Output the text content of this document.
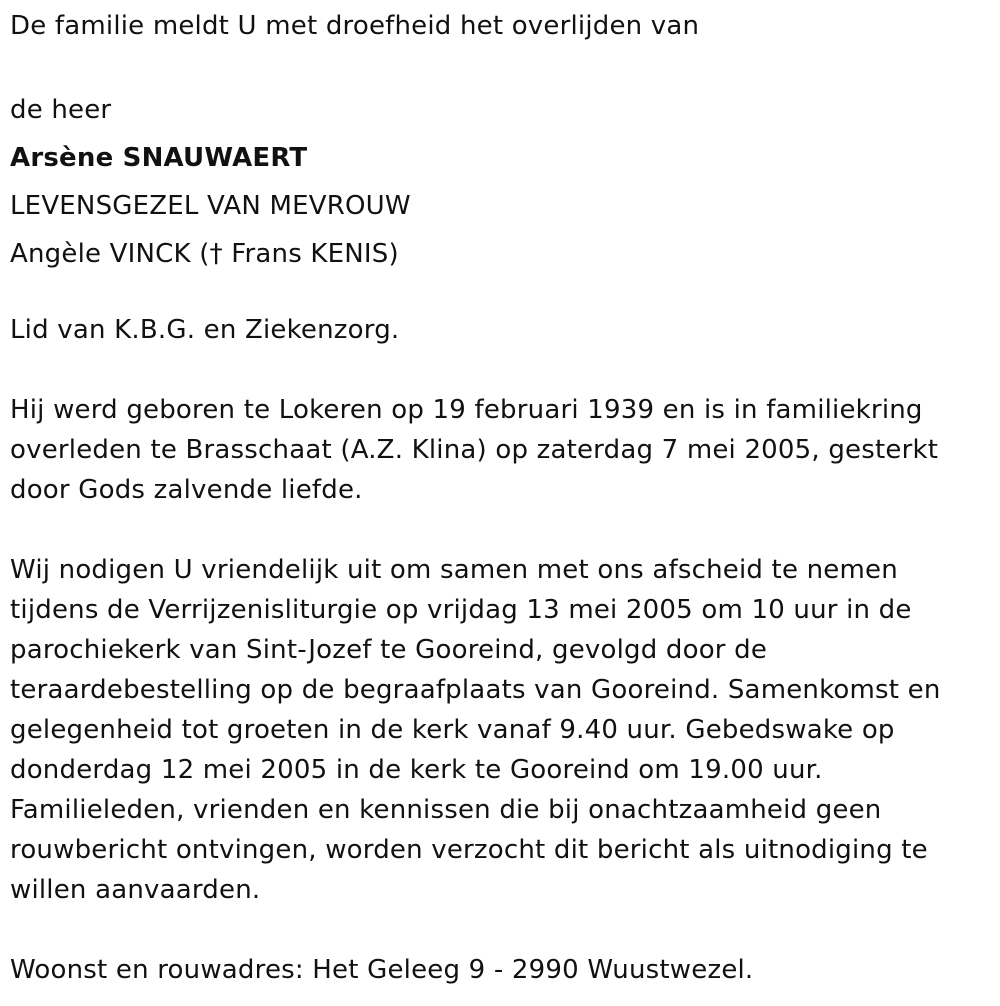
De familie meldt U met droefheid het overlijden van

de heer

Arsène SNAUWAERT

LEVENSGEZEL VAN MEVROUW

Angèle VINCK († Frans KENIS)

Lid van K.B.G. en Ziekenzorg.

Hij werd geboren te Lokeren op 19 februari 1939 en is in familiekring

overleden te Brasschaat (A.Z. Klina) op zaterdag 7 mei 2005, gesterkt

door Gods zalvende liefde.

Wij nodigen U vriendelijk uit om samen met ons afscheid te nemen

tijdens de Verrijzenisliturgie op vrijdag 13 mei 2005 om 10 uur in de

parochiekerk van Sint-Jozef te Gooreind, gevolgd door de

teraardebestelling op de begraafplaats van Gooreind. Samenkomst en

gelegenheid tot groeten in de kerk vanaf 9.40 uur. Gebedswake op

donderdag 12 mei 2005 in de kerk te Gooreind om 19.00 uur.

Familieleden, vrienden en kennissen die bij onachtzaamheid geen

rouwbericht ontvingen, worden verzocht dit bericht als uitnodiging te

willen aanvaarden.

Woonst en rouwadres: Het Geleeg 9 - 2990 Wuustwezel.
